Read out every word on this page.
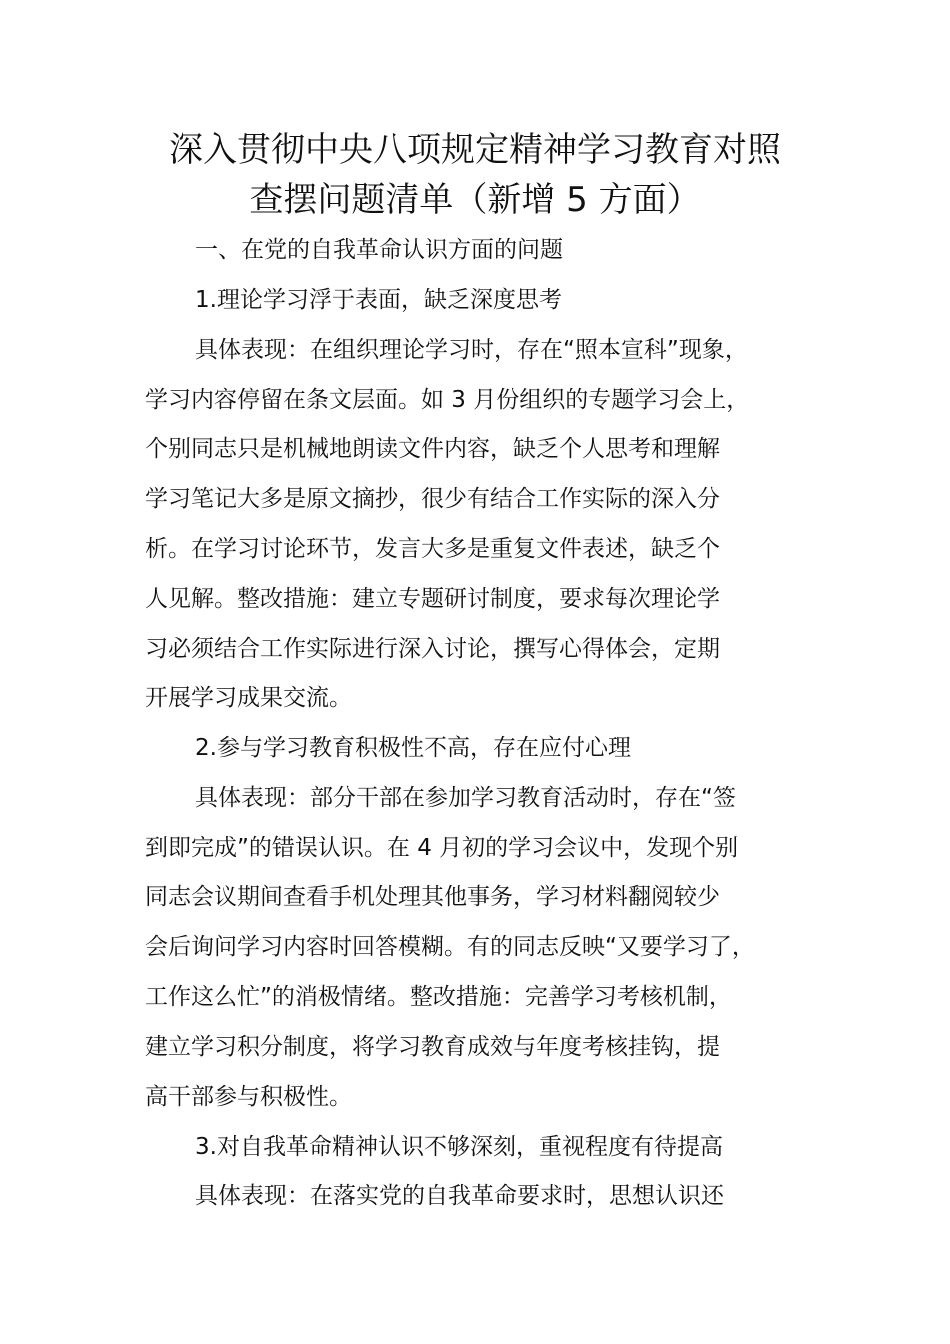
深入贯彻中央八项规定精神学习教育对照
查摆问题清单（新增 5 方面）

一、在党的自我革命认识方面的问题

1.理论学习浮于表面，缺乏深度思考

具体表现：在组织理论学习时，存在“照本宣科”现象，

学习内容停留在条文层面。如 3 月份组织的专题学习会上，

个别同志只是机械地朗读文件内容，缺乏个人思考和理解

学习笔记大多是原文摘抄，很少有结合工作实际的深入分

析。在学习讨论环节，发言大多是重复文件表述，缺乏个

人见解。整改措施：建立专题研讨制度，要求每次理论学

习必须结合工作实际进行深入讨论，撰写心得体会，定期

开展学习成果交流。

2.参与学习教育积极性不高，存在应付心理

具体表现：部分干部在参加学习教育活动时，存在“签

到即完成”的错误认识。在 4 月初的学习会议中，发现个别

同志会议期间查看手机处理其他事务，学习材料翻阅较少

会后询问学习内容时回答模糊。有的同志反映“又要学习了，

工作这么忙”的消极情绪。整改措施：完善学习考核机制，

建立学习积分制度，将学习教育成效与年度考核挂钩，提

高干部参与积极性。

3.对自我革命精神认识不够深刻，重视程度有待提高

具体表现：在落实党的自我革命要求时，思想认识还
